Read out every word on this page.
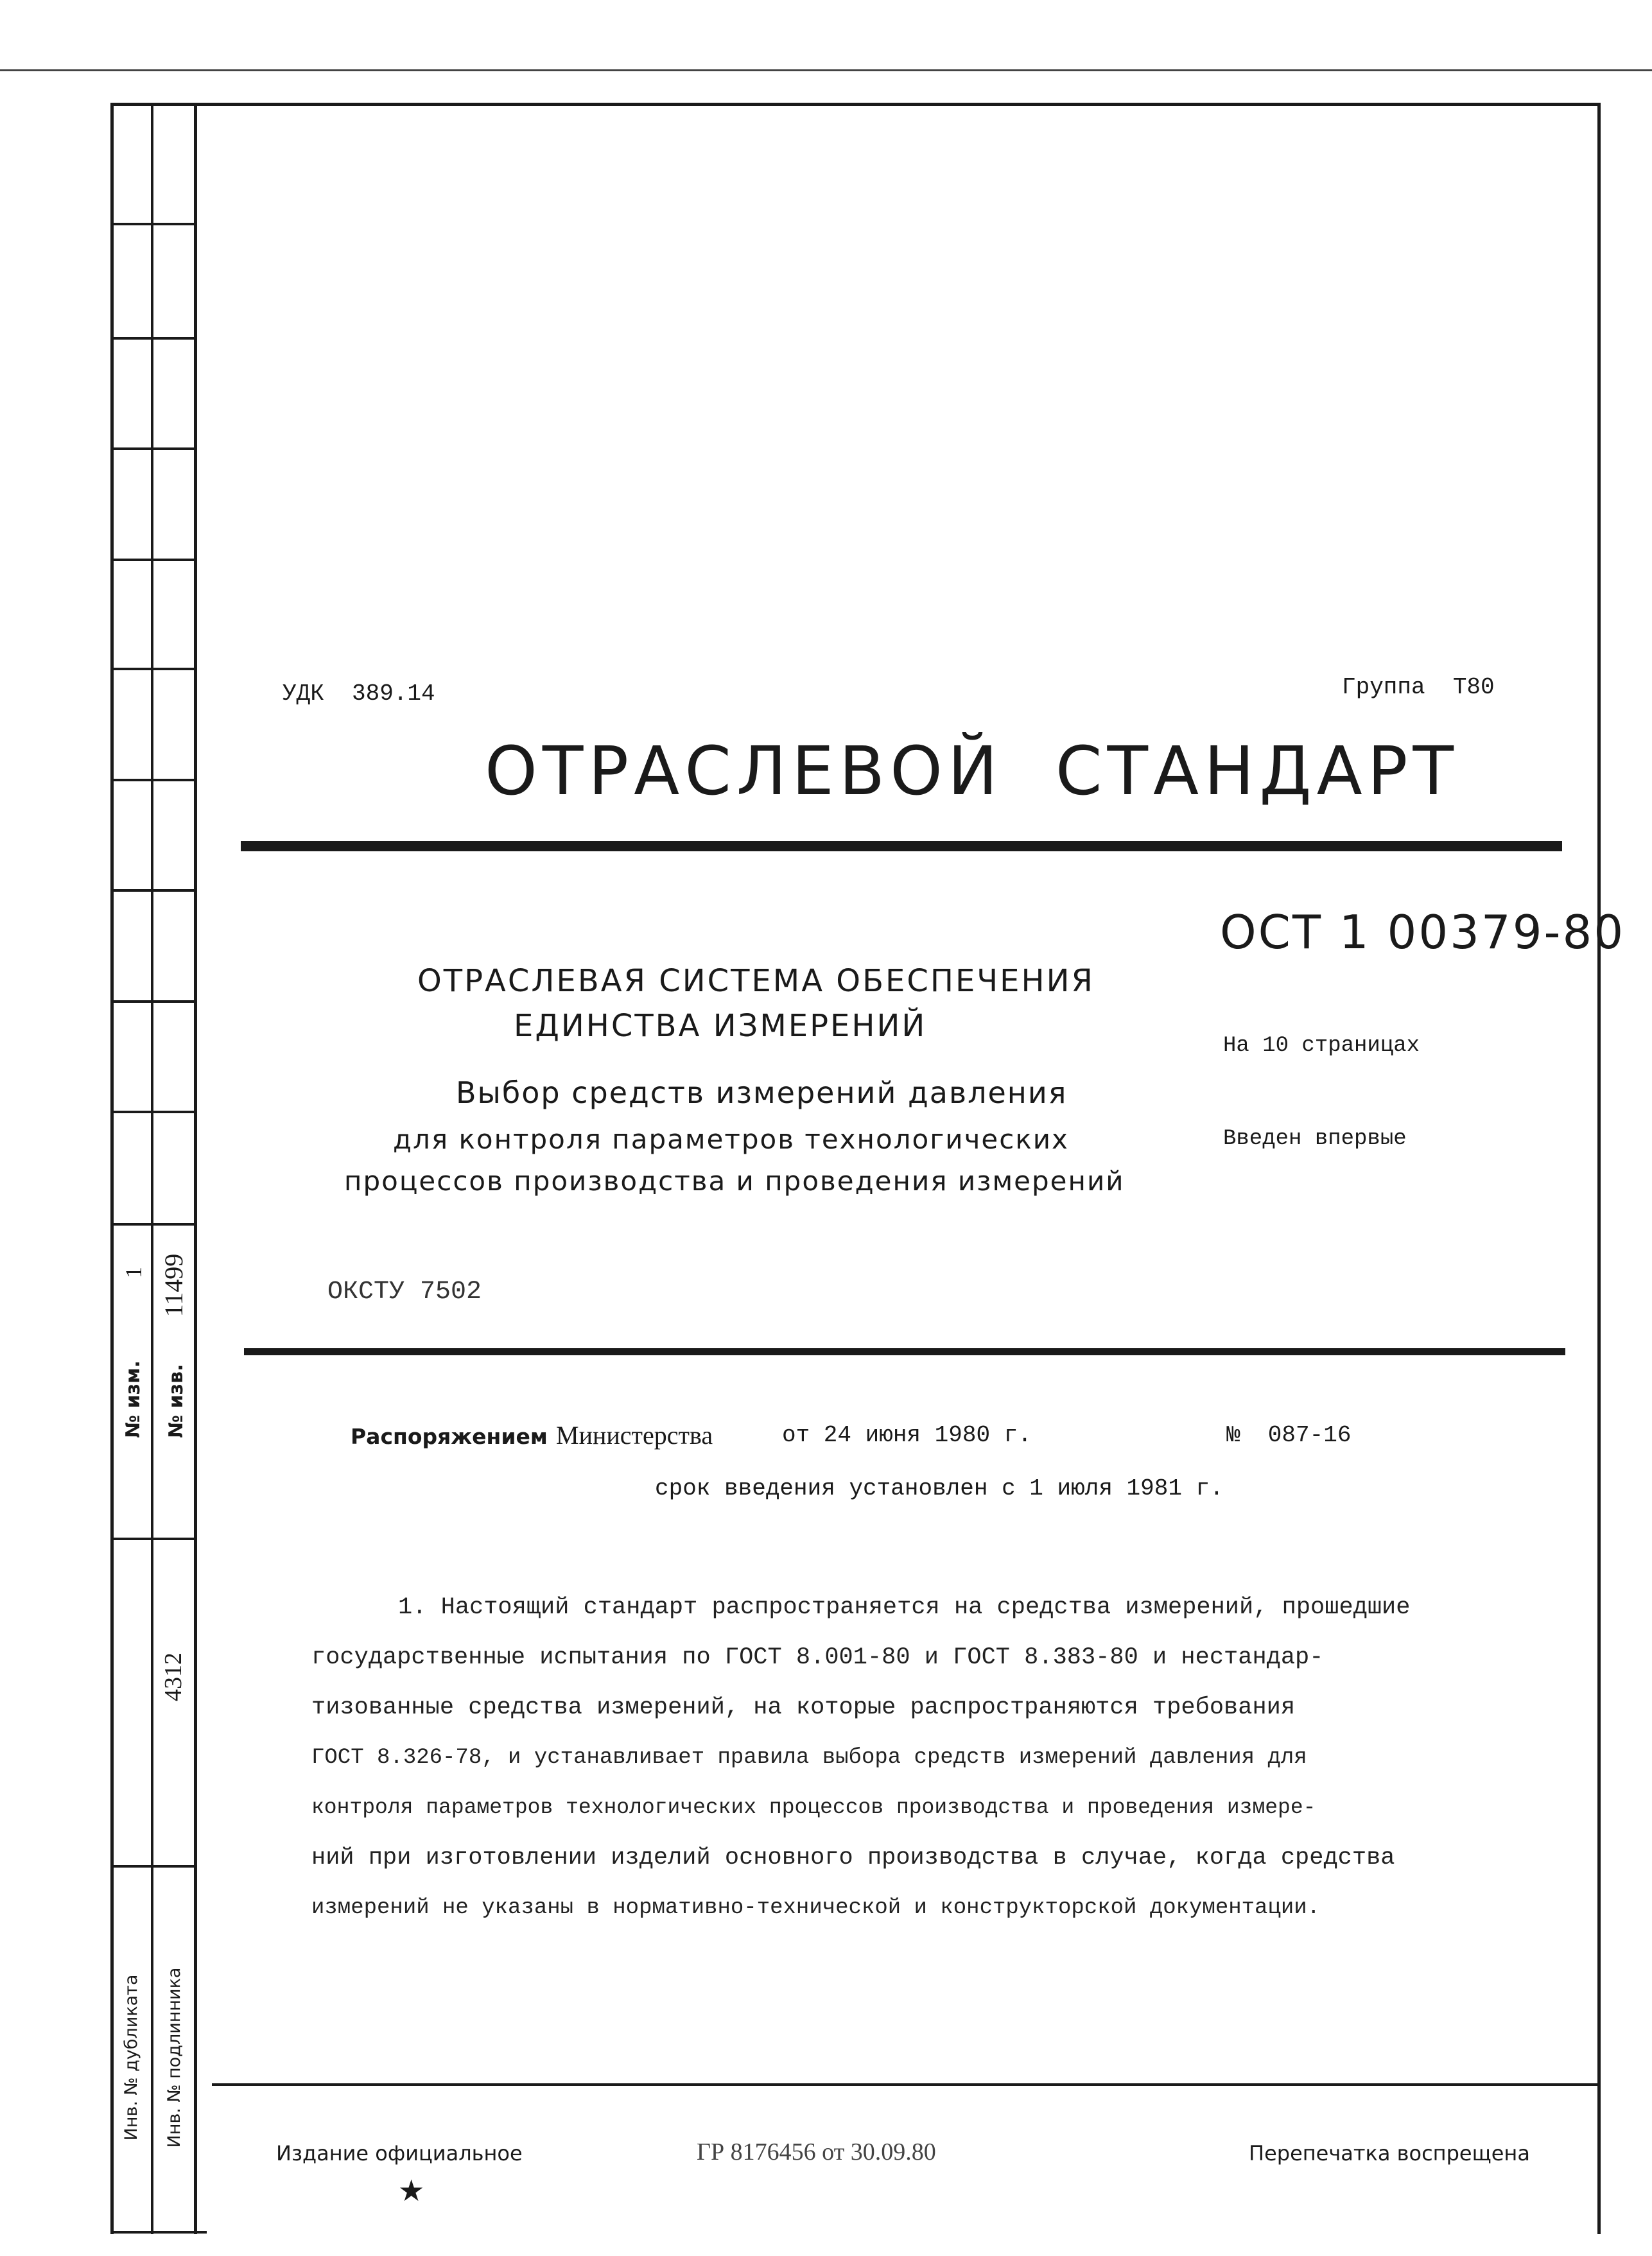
1 11499
№ изм. № изв.
4312
Инв. № дубликата Инв. № подлинника
УДК  389.14	Группа  Т80
ОТРАСЛЕВОЙ  СТАНДАРТ
ОСТ 1 00379-80
На 10 страницах
Введен впервые
ОТРАСЛЕВАЯ СИСТЕМА ОБЕСПЕЧЕНИЯ
ЕДИНСТВА ИЗМЕРЕНИЙ
Выбор средств измерений давления
для контроля параметров технологических
процессов производства и проведения измерений
ОКСТУ 7502
Распоряжением Министерства	от 24 июня 1980 г.	№  087-16
срок введения установлен с 1 июля 1981 г.
1. Настоящий стандарт распространяется на средства измерений, прошедшие
государственные испытания по ГОСТ 8.001-80 и ГОСТ 8.383-80 и нестандар-
тизованные средства измерений, на которые распространяются требования
ГОСТ 8.326-78, и устанавливает правила выбора средств измерений давления для
контроля параметров технологических процессов производства и проведения измере-
ний при изготовлении изделий основного производства в случае, когда средства
измерений не указаны в нормативно-технической и конструкторской документации.
Издание официальное
★
ГР 8176456 от 30.09.80	Перепечатка воспрещена
